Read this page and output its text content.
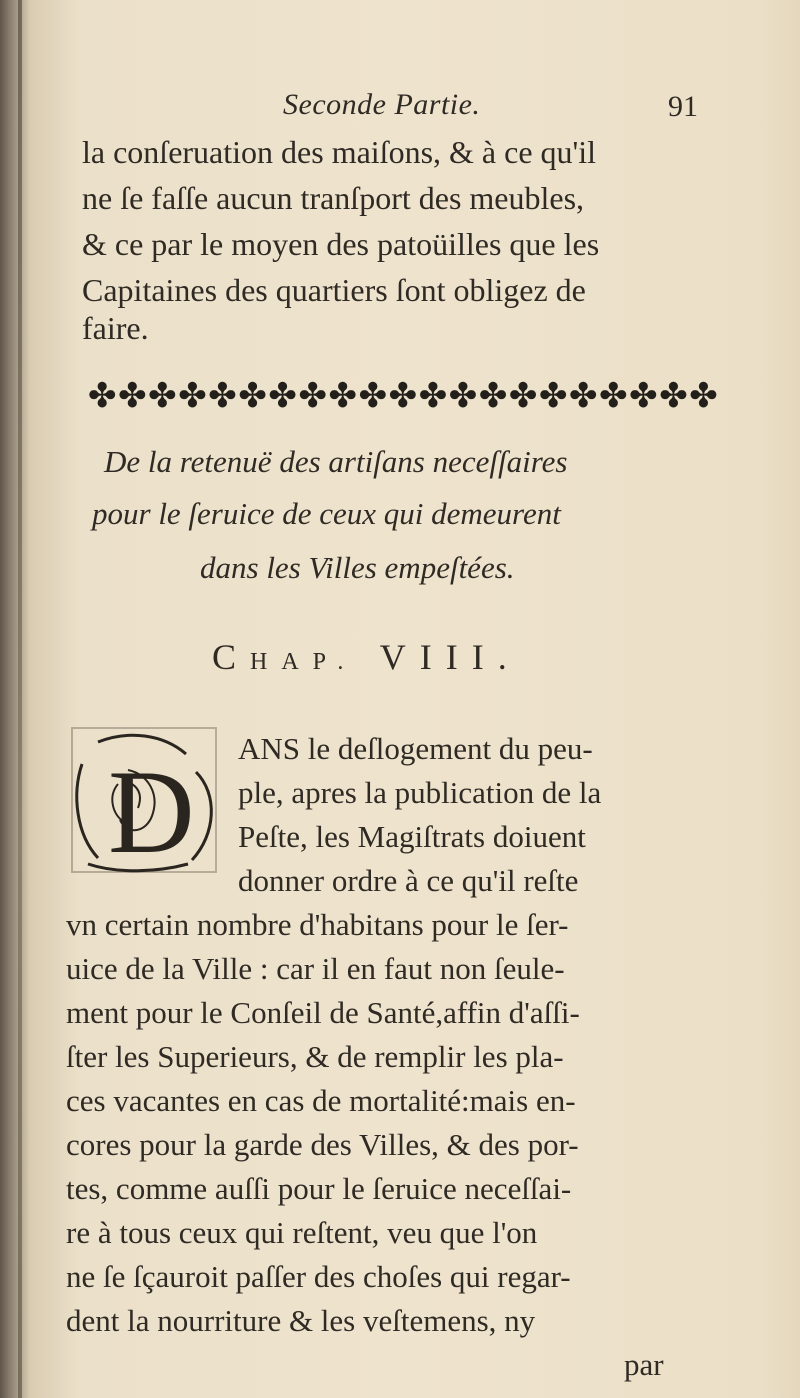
Seconde Partie.	91
la conſeruation des maiſons, & à ce qu'il
ne ſe faſſe aucun tranſport des meubles,
& ce par le moyen des patoüilles que les
Capitaines des quartiers ſont obligez de
faire.
✤ ✤ ✤ ✤ ✤ ✤ ✤ ✤ ✤ ✤ ✤ ✤ ✤ ✤ ✤ ✤ ✤ ✤ ✤ ✤ ✤
De la retenuë des artiſans neceſſaires
pour le ſeruice de ceux qui demeurent
dans les Villes empeſtées.
CHAP. VIII.
D ANS le deſlogement du peu-
ple, apres la publication de la
Peſte, les Magiſtrats doiuent
donner ordre à ce qu'il reſte
vn certain nombre d'habitans pour le ſer-
uice de la Ville : car il en faut non ſeule-
ment pour le Conſeil de Santé,affin d'aſſi-
ſter les Superieurs, & de remplir les pla-
ces vacantes en cas de mortalité:mais en-
cores pour la garde des Villes, & des por-
tes, comme auſſi pour le ſeruice neceſſai-
re à tous ceux qui reſtent, veu que l'on
ne ſe ſçauroit paſſer des choſes qui regar-
dent la nourriture & les veſtemens, ny
par
